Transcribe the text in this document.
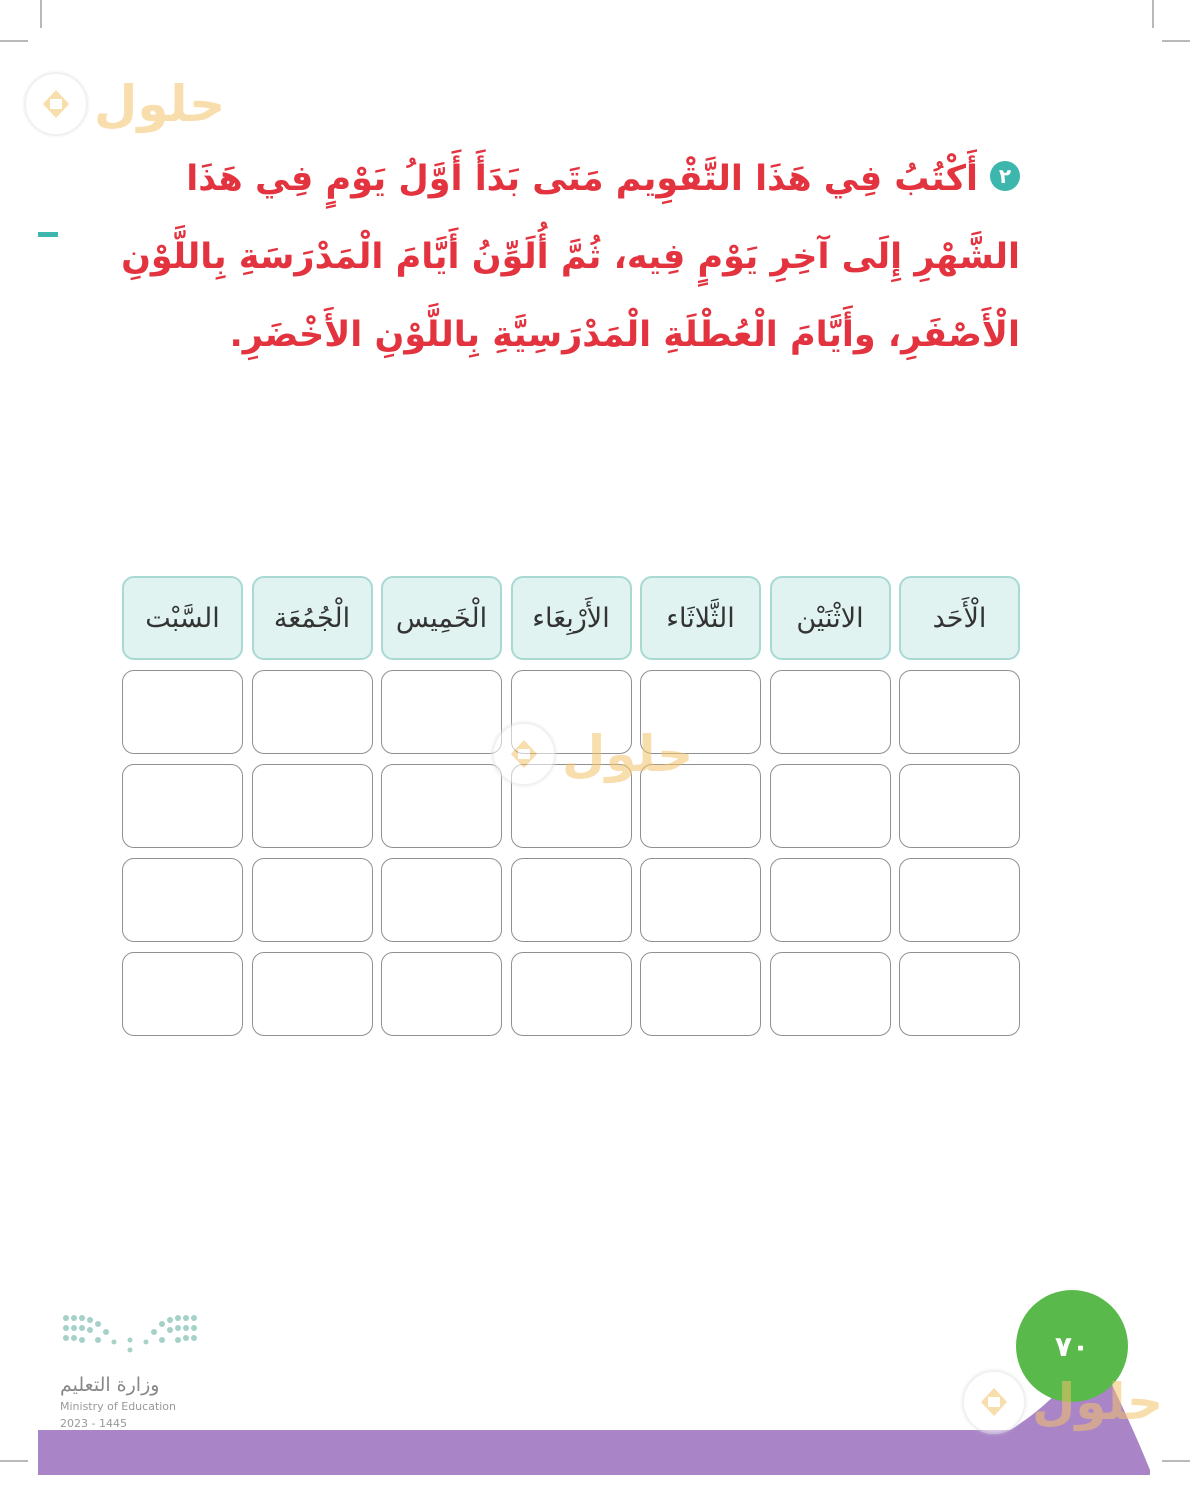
حلول
٢أَكْتُبُ فِي هَذَا التَّقْوِيم مَتَى بَدَأَ أَوَّلُ يَوْمٍ فِي هَذَا الشَّهْرِ إِلَى آخِرِ يَوْمٍ فِيه، ثُمَّ أُلَوِّنُ أَيَّامَ الْمَدْرَسَةِ بِاللَّوْنِ الْأَصْفَرِ، وأَيَّامَ الْعُطْلَةِ الْمَدْرَسِيَّةِ بِاللَّوْنِ الأَخْضَرِ.
الْأَحَد
الاثْنَيْن
الثَّلاثَاء
الأَرْبِعَاء
الْخَمِيس
الْجُمُعَة
السَّبْت
حلول
وزارة التعليم
Ministry of Education
2023 - 1445
٧٠
حلول
